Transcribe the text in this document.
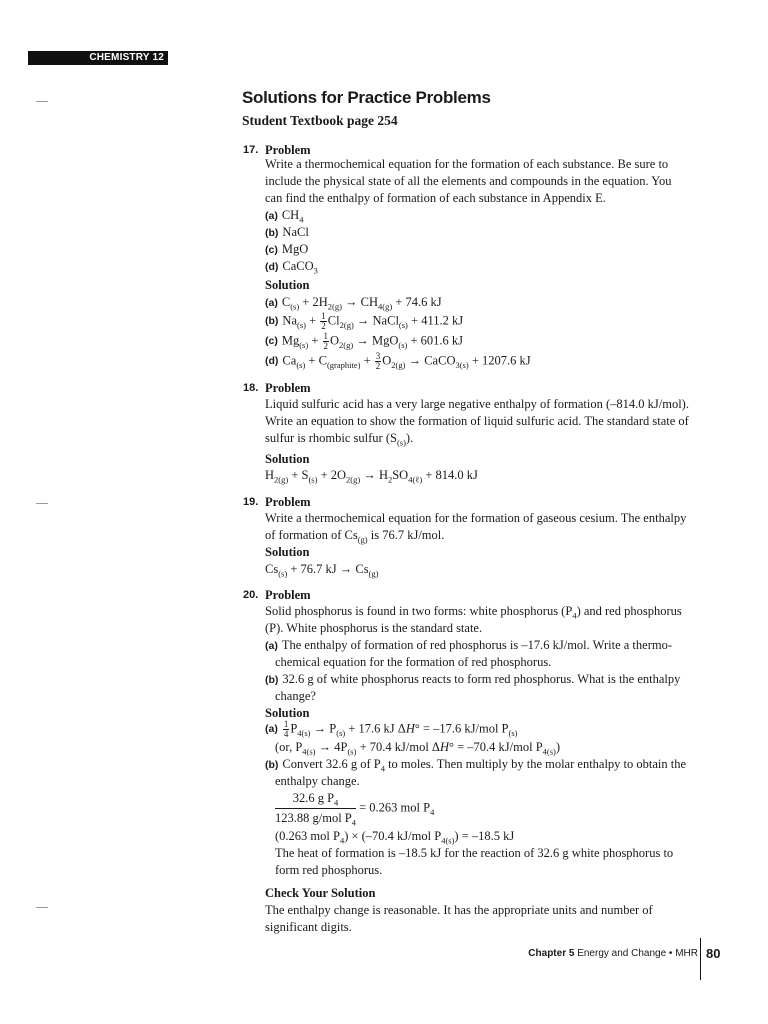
CHEMISTRY 12
Solutions for Practice Problems
Student Textbook page 254
17. Problem
Write a thermochemical equation for the formation of each substance. Be sure to
include the physical state of all the elements and compounds in the equation. You
can find the enthalpy of formation of each substance in Appendix E.
(a) $CH_4$
(b) NaCl
(c) MgO
(d) CaCO$_3$
Solution
(a) $C_{(s)} + 2H_{2(g)} \to CH_{4(g)} + 74.6$ kJ
(b) $Na_{(s)} + \frac{1}{2} Cl_{2(g)}$ → NaCl$_{(s)}$ + 411.2 kJ
(c) $Mg_{(s)} + \frac{1}{2} O_{2(g)} \to MgO_{(s)} + 601.6$ kJ
(d) $Ca_{(s)} + C_{(graphite)} + \frac{3}{2} O_{2(g)}$ → CaCO$_{3(s)}$ + 1207.6 kJ
18. Problem
Liquid sulfuric acid has a very large negative enthalpy of formation (–814.0 kJ/mol).
Write an equation to show the formation of liquid sulfuric acid. The standard state of
sulfur is rhombic sulfur $(S_{(s)})$.
Solution
$H_{2(g)} + S_{(s)} + 2O_{2(g)} \to H_2SO_{4(\ell)} + 814.0$ kJ
19. Problem
Write a thermochemical equation for the formation of gaseous cesium. The enthalpy
of formation of $Cs_{(g)}$ is 76.7 kJ/mol.
Solution
$Cs_{(s)} + 76.7$ kJ → $Cs_{(g)}$
20. Problem
Solid phosphorus is found in two forms: white phosphorus $(P_4)$ and red phosphorus
(P). White phosphorus is the standard state.
(a) The enthalpy of formation of red phosphorus is –17.6 kJ/mol. Write a thermo-
chemical equation for the formation of red phosphorus.
(b) 32.6 g of white phosphorus reacts to form red phosphorus. What is the enthalpy
change?
Solution
$(a) \frac{1}{4} P_{4(s)} \to P_{(s)} + 17.6$ kJ ΔH° = –17.6 kJ/mol $P_{(s)}$
(or, $P_{4(s)} \to 4P_{(s)} + 70.4$ kJ/mol ΔH° = –70.4 kJ/mol $P_{4(s)}$)
(b) Convert 32.6 g of $P_4$ to moles. Then multiply by the molar enthalpy to obtain the
enthalpy change.
32.6 g $P_4$
123.88 g/mol $P_4$
= 0.263 mol $P_4$
(0.263 mol $P_4) \times (-70.4$ kJ/mol $P_{4(s)}) = -18.5$ kJ
The heat of formation is –18.5 kJ for the reaction of 32.6 g white phosphorus to
form red phosphorus.
Check Your Solution
The enthalpy change is reasonable. It has the appropriate units and number of
significant digits.
Chapter 5 Energy and Change • MHR 80
